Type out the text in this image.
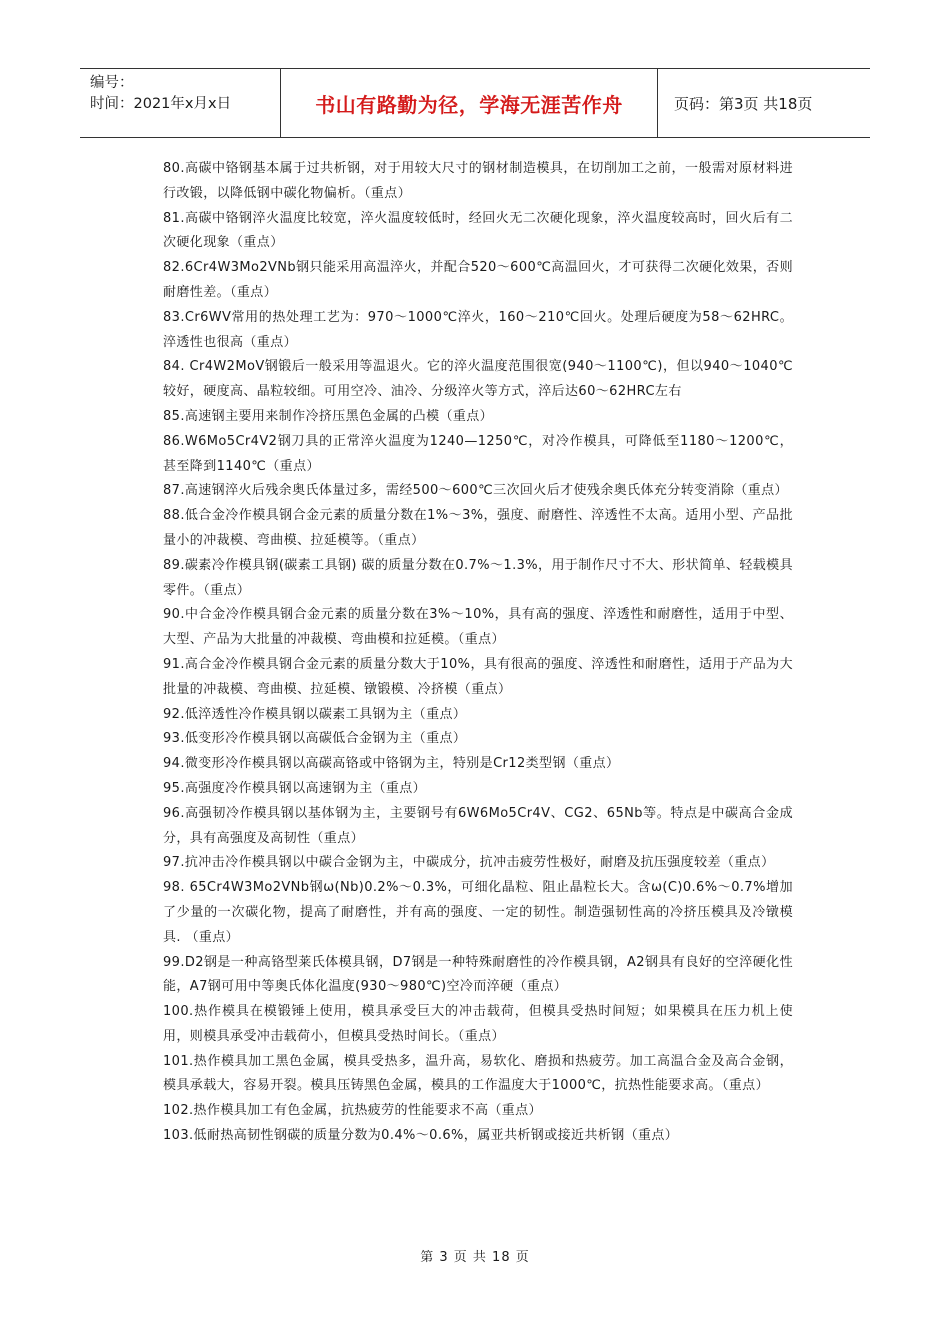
编号：
时间：2021年x月x日	书山有路勤为径，学海无涯苦作舟	页码：第3页 共18页

80.高碳中铬钢基本属于过共析钢，对于用较大尺寸的钢材制造模具，在切削加工之前，一般需对原材料进行改锻，以降低钢中碳化物偏析。（重点）

81.高碳中铬钢淬火温度比较宽，淬火温度较低时，经回火无二次硬化现象，淬火温度较高时，回火后有二次硬化现象（重点）

82.6Cr4W3Mo2VNb钢只能采用高温淬火，并配合520～600℃高温回火，才可获得二次硬化效果，否则耐磨性差。（重点）

83.Cr6WV常用的热处理工艺为：970～1000℃淬火，160～210℃回火。处理后硬度为58～62HRC。淬透性也很高（重点）

84. Cr4W2MoV钢锻后一般采用等温退火。它的淬火温度范围很宽(940～1100℃)，但以940～1040℃较好，硬度高、晶粒较细。可用空冷、油冷、分级淬火等方式，淬后达60～62HRC左右

85.高速钢主要用来制作冷挤压黑色金属的凸模（重点）

86.W6Mo5Cr4V2钢刀具的正常淬火温度为1240—1250℃，对冷作模具，可降低至1180～1200℃，甚至降到1140℃（重点）

87.高速钢淬火后残余奥氏体量过多，需经500～600℃三次回火后才使残余奥氏体充分转变消除（重点）

88.低合金冷作模具钢合金元素的质量分数在1%～3%，强度、耐磨性、淬透性不太高。适用小型、产品批量小的冲裁模、弯曲模、拉延模等。（重点）

89.碳素冷作模具钢(碳素工具钢) 碳的质量分数在0.7%～1.3%，用于制作尺寸不大、形状简单、轻载模具零件。（重点）

90.中合金冷作模具钢合金元素的质量分数在3%～10%，具有高的强度、淬透性和耐磨性，适用于中型、大型、产品为大批量的冲裁模、弯曲模和拉延模。（重点）

91.高合金冷作模具钢合金元素的质量分数大于10%，具有很高的强度、淬透性和耐磨性，适用于产品为大批量的冲裁模、弯曲模、拉延模、镦锻模、冷挤模（重点）

92.低淬透性冷作模具钢以碳素工具钢为主（重点）

93.低变形冷作模具钢以高碳低合金钢为主（重点）

94.微变形冷作模具钢以高碳高铬或中铬钢为主，特别是Cr12类型钢（重点）

95.高强度冷作模具钢以高速钢为主（重点）

96.高强韧冷作模具钢以基体钢为主，主要钢号有6W6Mo5Cr4V、CG2、65Nb等。特点是中碳高合金成分，具有高强度及高韧性（重点）

97.抗冲击冷作模具钢以中碳合金钢为主，中碳成分，抗冲击疲劳性极好，耐磨及抗压强度较差（重点）

98. 65Cr4W3Mo2VNb钢ω(Nb)0.2%～0.3%，可细化晶粒、阻止晶粒长大。含ω(C)0.6%～0.7%增加了少量的一次碳化物，提高了耐磨性，并有高的强度、一定的韧性。制造强韧性高的冷挤压模具及冷镦模具. （重点）

99.D2钢是一种高铬型莱氏体模具钢，D7钢是一种特殊耐磨性的冷作模具钢，A2钢具有良好的空淬硬化性能，A7钢可用中等奥氏体化温度(930～980℃)空冷而淬硬（重点）

100.热作模具在模锻锤上使用，模具承受巨大的冲击载荷，但模具受热时间短；如果模具在压力机上使用，则模具承受冲击载荷小，但模具受热时间长。（重点）

101.热作模具加工黑色金属，模具受热多，温升高，易软化、磨损和热疲劳。加工高温合金及高合金钢，模具承载大，容易开裂。模具压铸黑色金属，模具的工作温度大于1000℃，抗热性能要求高。（重点）

102.热作模具加工有色金属，抗热疲劳的性能要求不高（重点）

103.低耐热高韧性钢碳的质量分数为0.4%～0.6%，属亚共析钢或接近共析钢（重点）

第 3 页 共 18 页
